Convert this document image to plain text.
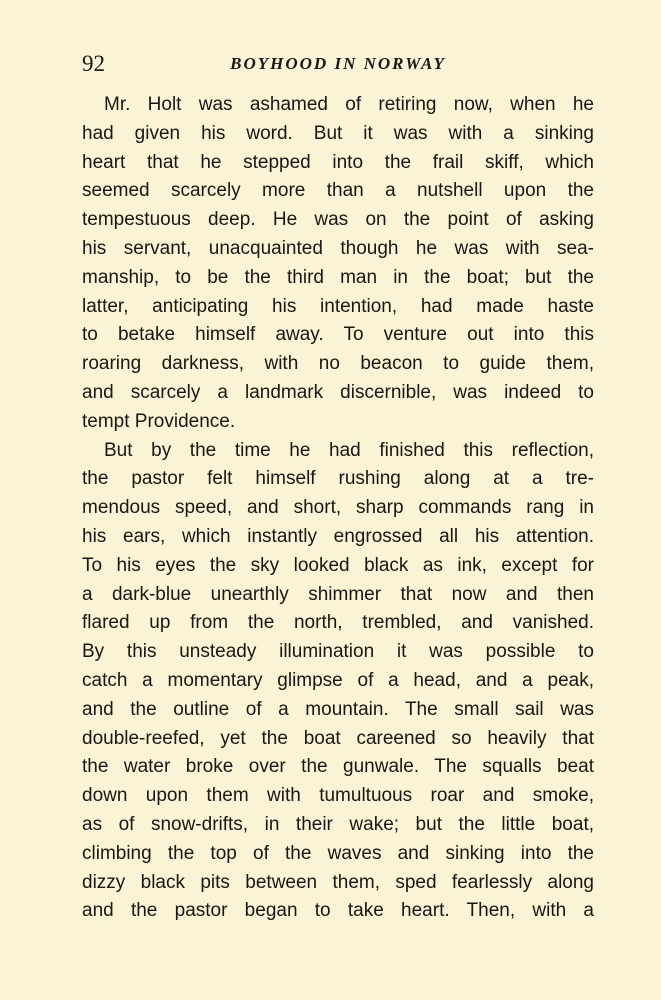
92	BOYHOOD IN NORWAY
Mr. Holt was ashamed of retiring now, when he
had given his word. But it was with a sinking
heart that he stepped into the frail skiff, which
seemed scarcely more than a nutshell upon the
tempestuous deep. He was on the point of asking
his servant, unacquainted though he was with sea-
manship, to be the third man in the boat; but the
latter, anticipating his intention, had made haste
to betake himself away. To venture out into this
roaring darkness, with no beacon to guide them,
and scarcely a landmark discernible, was indeed to
tempt Providence.
But by the time he had finished this reflection,
the pastor felt himself rushing along at a tre-
mendous speed, and short, sharp commands rang in
his ears, which instantly engrossed all his attention.
To his eyes the sky looked black as ink, except for
a dark-blue unearthly shimmer that now and then
flared up from the north, trembled, and vanished.
By this unsteady illumination it was possible to
catch a momentary glimpse of a head, and a peak,
and the outline of a mountain. The small sail was
double-reefed, yet the boat careened so heavily that
the water broke over the gunwale. The squalls beat
down upon them with tumultuous roar and smoke,
as of snow-drifts, in their wake; but the little boat,
climbing the top of the waves and sinking into the
dizzy black pits between them, sped fearlessly along
and the pastor began to take heart. Then, with a
